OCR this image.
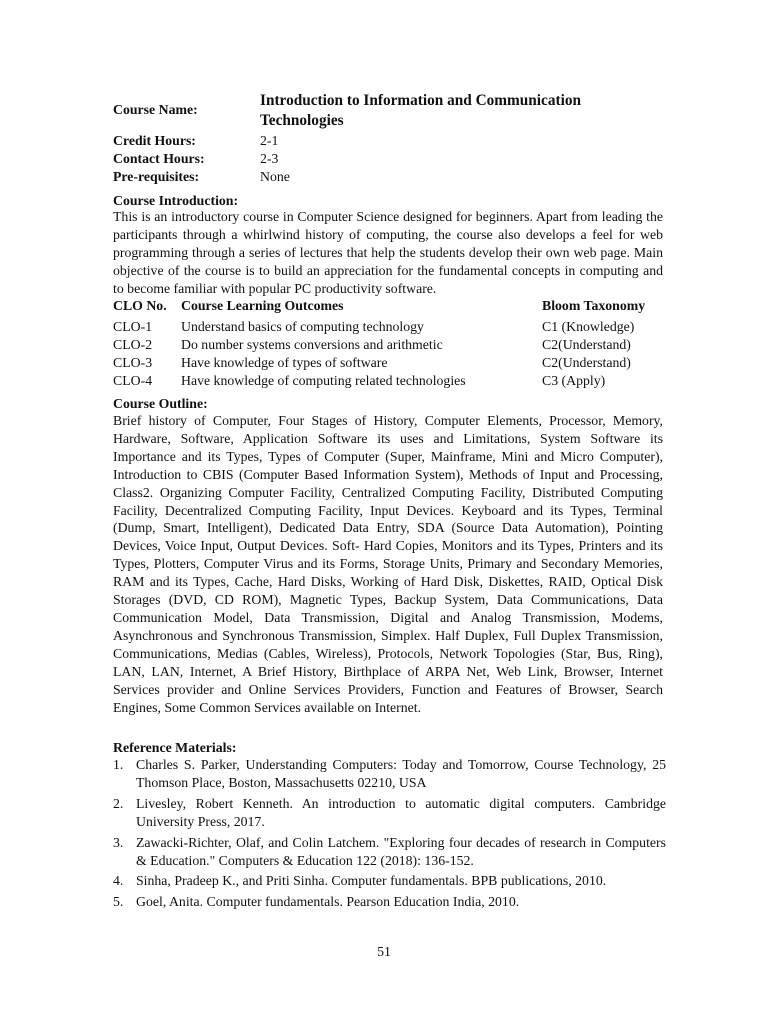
Course Name:
Introduction to Information and Communication Technologies
Credit Hours:	2-1
Contact Hours:	2-3
Pre-requisites:	None
Course Introduction:
This is an introductory course in Computer Science designed for beginners. Apart from leading the participants through a whirlwind history of computing, the course also develops a feel for web programming through a series of lectures that help the students develop their own web page. Main objective of the course is to build an appreciation for the fundamental concepts in computing and to become familiar with popular PC productivity software.
CLO No. Course Learning Outcomes	Bloom Taxonomy
CLO-1 Understand basics of computing technology	C1 (Knowledge)
CLO-2 Do number systems conversions and arithmetic	C2(Understand)
CLO-3 Have knowledge of types of software	C2(Understand)
CLO-4 Have knowledge of computing related technologies	C3 (Apply)
Course Outline:
Brief history of Computer, Four Stages of History, Computer Elements, Processor, Memory, Hardware, Software, Application Software its uses and Limitations, System Software its Importance and its Types, Types of Computer (Super, Mainframe, Mini and Micro Computer), Introduction to CBIS (Computer Based Information System), Methods of Input and Processing, Class2. Organizing Computer Facility, Centralized Computing Facility, Distributed Computing Facility, Decentralized Computing Facility, Input Devices. Keyboard and its Types, Terminal (Dump, Smart, Intelligent), Dedicated Data Entry, SDA (Source Data Automation), Pointing Devices, Voice Input, Output Devices. Soft- Hard Copies, Monitors and its Types, Printers and its Types, Plotters, Computer Virus and its Forms, Storage Units, Primary and Secondary Memories, RAM and its Types, Cache, Hard Disks, Working of Hard Disk, Diskettes, RAID, Optical Disk Storages (DVD, CD ROM), Magnetic Types, Backup System, Data Communications, Data Communication Model, Data Transmission, Digital and Analog Transmission, Modems, Asynchronous and Synchronous Transmission, Simplex. Half Duplex, Full Duplex Transmission, Communications, Medias (Cables, Wireless), Protocols, Network Topologies (Star, Bus, Ring), LAN, LAN, Internet, A Brief History, Birthplace of ARPA Net, Web Link, Browser, Internet Services provider and Online Services Providers, Function and Features of Browser, Search Engines, Some Common Services available on Internet.
Reference Materials:
1. Charles S. Parker, Understanding Computers: Today and Tomorrow, Course Technology, 25 Thomson Place, Boston, Massachusetts 02210, USA
2. Livesley, Robert Kenneth. An introduction to automatic digital computers. Cambridge University Press, 2017.
3. Zawacki-Richter, Olaf, and Colin Latchem. "Exploring four decades of research in Computers & Education." Computers & Education 122 (2018): 136-152.
4. Sinha, Pradeep K., and Priti Sinha. Computer fundamentals. BPB publications, 2010.
5. Goel, Anita. Computer fundamentals. Pearson Education India, 2010.
51
